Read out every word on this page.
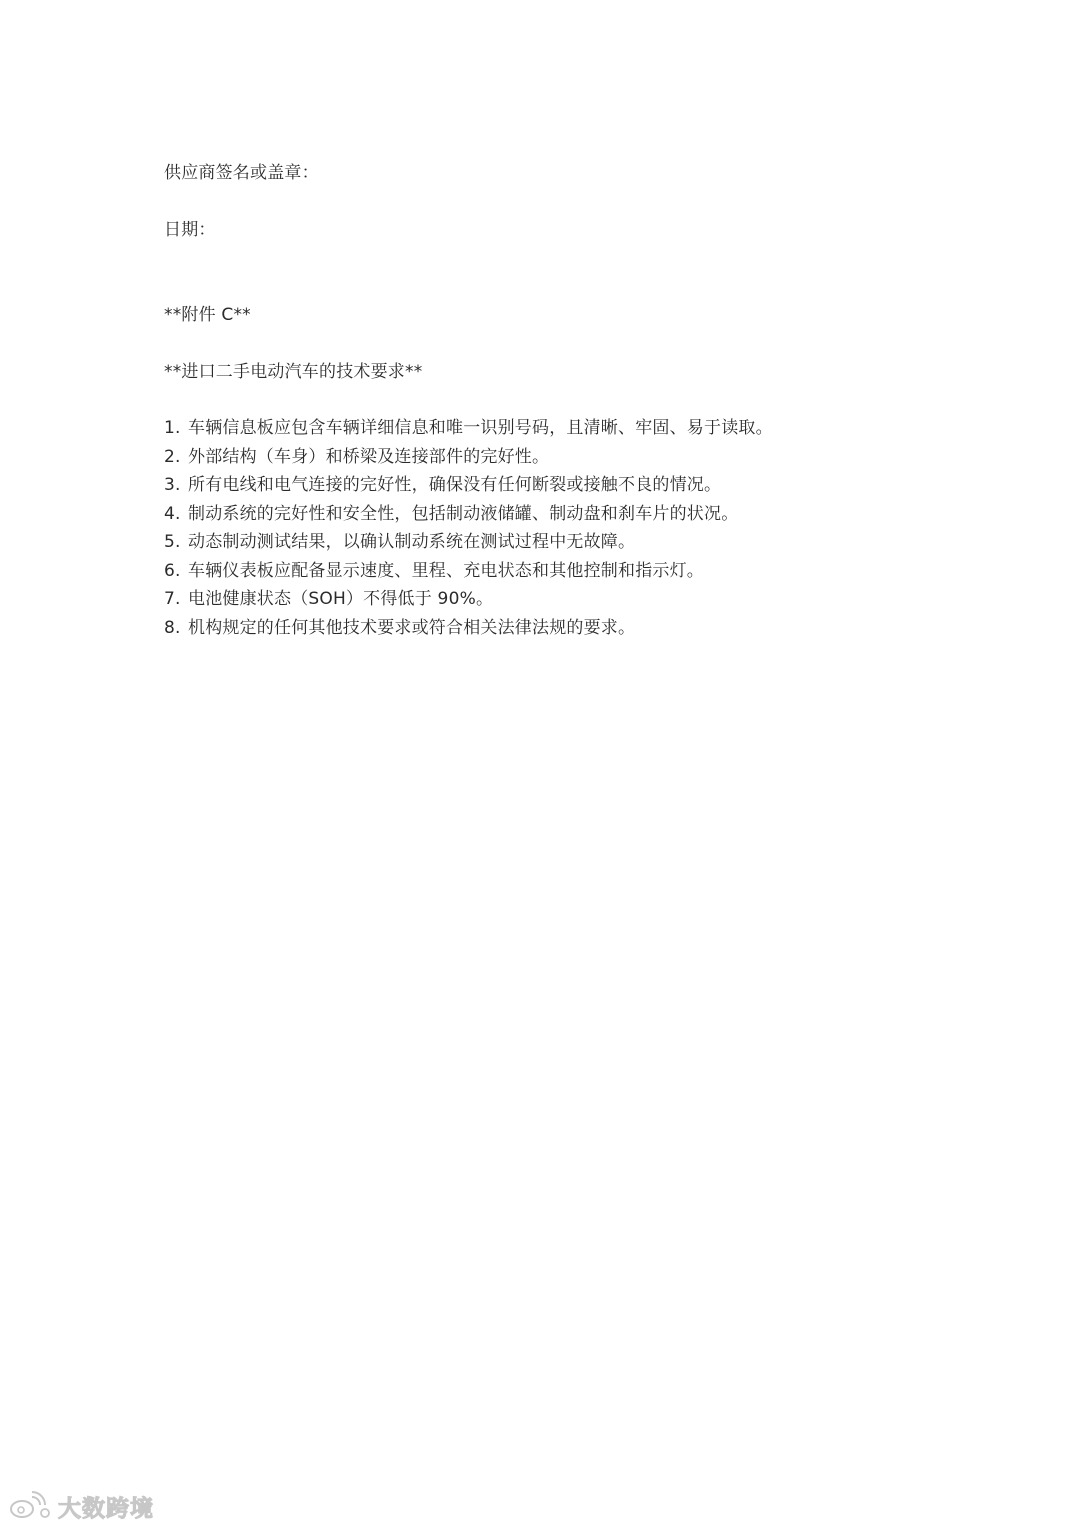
供应商签名或盖章：
日期：
**附件 C**
**进口二手电动汽车的技术要求**
1. 车辆信息板应包含车辆详细信息和唯一识别号码，且清晰、牢固、易于读取。
2. 外部结构（车身）和桥梁及连接部件的完好性。
3. 所有电线和电气连接的完好性，确保没有任何断裂或接触不良的情况。
4. 制动系统的完好性和安全性，包括制动液储罐、制动盘和刹车片的状况。
5. 动态制动测试结果，以确认制动系统在测试过程中无故障。
6. 车辆仪表板应配备显示速度、里程、充电状态和其他控制和指示灯。
7. 电池健康状态（SOH）不得低于 90%。
8. 机构规定的任何其他技术要求或符合相关法律法规的要求。
大数跨境
